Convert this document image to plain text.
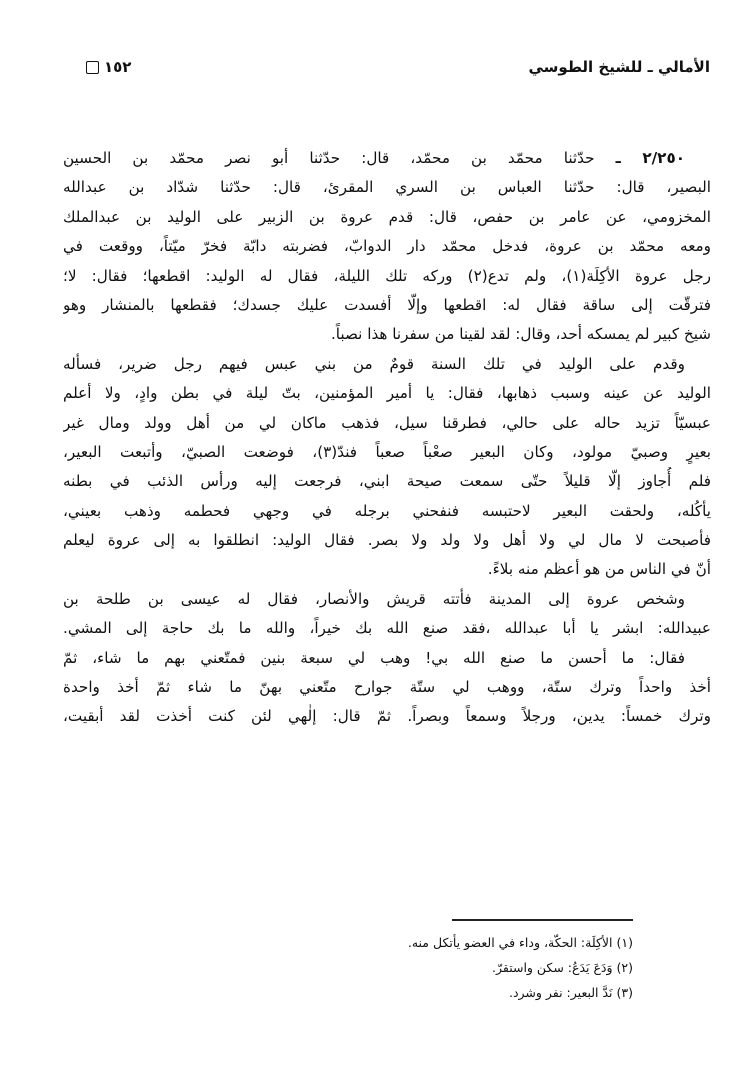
الأمالي ـ للشيخ الطوسي
١٥٢
٢/٢٥٠ ـ حدّثنا محمّد بن محمّد، قال: حدّثنا أبو نصر محمّد بن الحسين
البصير، قال: حدّثنا العباس بن السري المقرئ، قال: حدّثنا شدّاد بن عبدالله
المخزومي، عن عامر بن حفص، قال: قدم عروة بن الزبير على الوليد بن عبدالملك
ومعه محمّد بن عروة، فدخل محمّد دار الدوابّ، فضربته دابّة فخرّ ميّتاً، ووقعت في
رجل عروة الأكِلَة(١)، ولم تدع(٢) وركه تلك الليلة، فقال له الوليد: اقطعها؛ فقال: لا؛
فترقّت إلى ساقة فقال له: اقطعها وإلّا أفسدت عليك جسدك؛ فقطعها بالمنشار وهو
شيخ كبير لم يمسكه أحد، وقال: لقد لقينا من سفرنا هذا نصباً.
وقدم على الوليد في تلك السنة قومٌ من بني عبس فيهم رجل ضرير، فسأله
الوليد عن عينه وسبب ذهابها، فقال: يا أمير المؤمنين، بتّ ليلة في بطن وادٍ، ولا أعلم
عبسيّاً تزيد حاله على حالي، فطرقنا سيل، فذهب ماكان لي من أهل وولد ومال غير
بعيرٍ وصبيّ مولود، وكان البعير صعْباً صعباً فندّ(٣)، فوضعت الصبيّ، وأتبعت البعير،
فلم أُجاوز إلّا قليلاً حتّى سمعت صيحة ابني، فرجعت إليه ورأس الذئب في بطنه
يأكُله، ولحقت البعير لاحتبسه فنفحني برجله في وجهي فحطمه وذهب بعيني،
فأصبحت لا مال لي ولا أهل ولا ولد ولا بصر. فقال الوليد: انطلقوا به إلى عروة ليعلم
أنّ في الناس من هو أعظم منه بلاءً.
وشخص عروة إلى المدينة فأتته قريش والأنصار، فقال له عيسى بن طلحة بن
عبيدالله: ابشر يا أبا عبدالله ،فقد صنع الله بك خيراً، والله ما بك حاجة إلى المشي.
فقال: ما أحسن ما صنع الله بي! وهب لي سبعة بنين فمتّعني بهم ما شاء، ثمّ
أخذ واحداً وترك ستّة، ووهب لي ستّة جوارح متّعني بهنّ ما شاء ثمّ أخذ واحدة
وترك خمساً: يدين، ورجلاً وسمعاً وبصراً. ثمّ قال: إلٰهي لئن كنت أخذت لقد أبقيت،
(١) الأكِلَة: الحكّة، وداء في العضو يأتكل منه.
(٢) وَدَعَ يَدَعُ: سكن واستقرّ.
(٣) نَدَّ البعير: نفر وشرد.
